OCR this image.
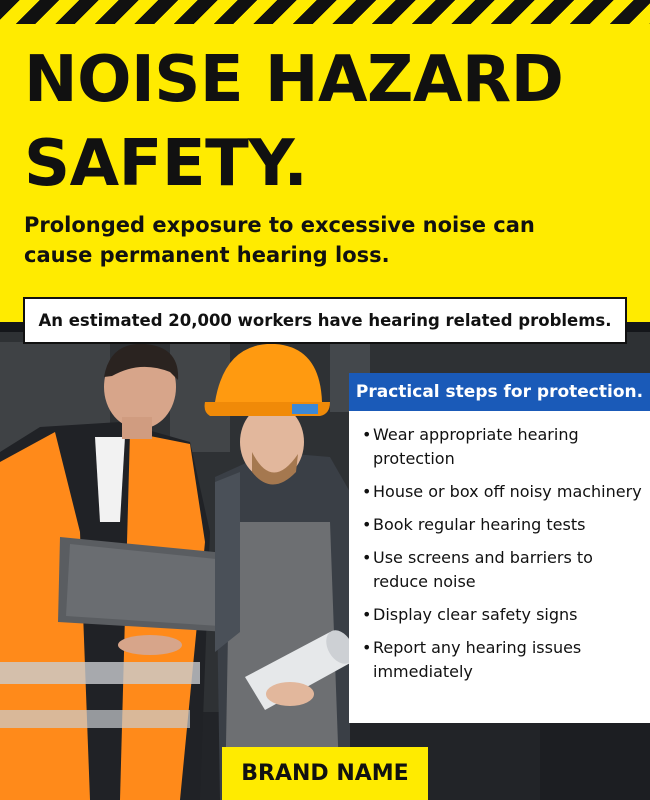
NOISE HAZARD SAFETY.

Prolonged exposure to excessive noise can cause permanent hearing loss.

An estimated 20,000 workers have hearing related problems.
Practical steps for protection.
• Wear appropriate hearing protection
• House or box off noisy machinery
• Book regular hearing tests
• Use screens and barriers to reduce noise
• Display clear safety signs
• Report any hearing issues immediately
BRAND NAME
